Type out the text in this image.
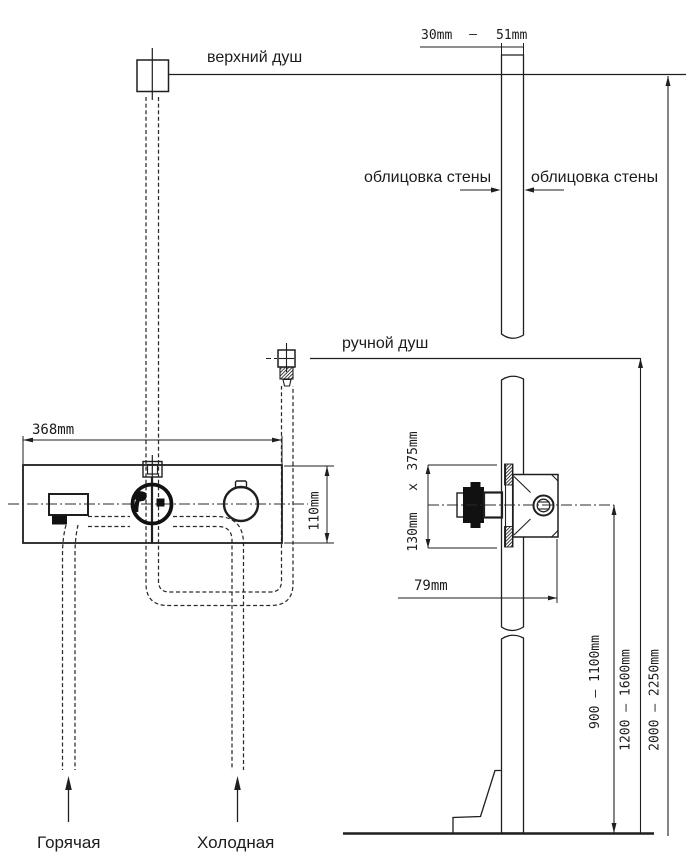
30mm — 51mm
облицовка стены облицовка стены
375mm
x
130mm
79mm
900 — 1100mm 1200 — 1600mm 2000 — 2250mm
верхний душ
368mm
110mm
ручной душ
Горячая	Холодная
